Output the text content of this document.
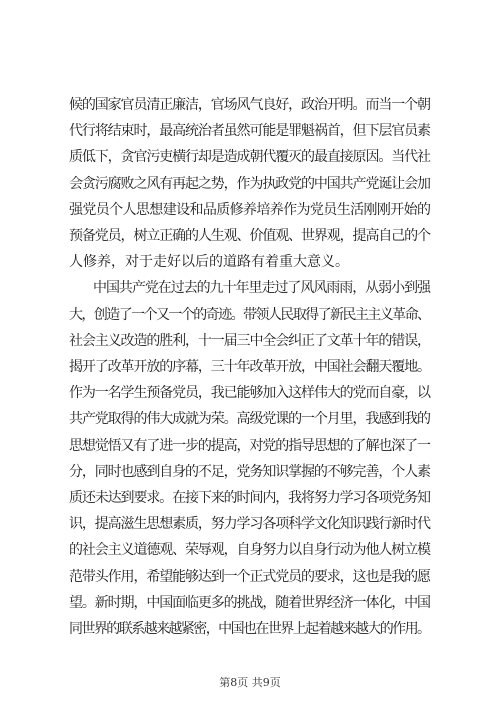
候的国家官员清正廉洁，官场风气良好，政治开明。而当一个朝
代行将结束时，最高统治者虽然可能是罪魁祸首，但下层官员素
质低下，贪官污吏横行却是造成朝代覆灭的最直接原因。当代社
会贪污腐败之风有再起之势，作为执政党的中国共产党诞让会加
强党员个人思想建设和品质修养培养作为党员生活刚刚开始的
预备党员，树立正确的人生观、价值观、世界观，提高自己的个
人修养，对于走好以后的道路有着重大意义。
中国共产党在过去的九十年里走过了风风雨雨，从弱小到强
大，创造了一个又一个的奇迹。带领人民取得了新民主主义革命、
社会主义改造的胜利，十一届三中全会纠正了文革十年的错误，
揭开了改革开放的序幕，三十年改革开放，中国社会翻天覆地。
作为一名学生预备党员，我已能够加入这样伟大的党而自豪，以
共产党取得的伟大成就为荣。高级党课的一个月里，我感到我的
思想觉悟又有了进一步的提高，对党的指导思想的了解也深了一
分，同时也感到自身的不足，党务知识掌握的不够完善，个人素
质还未达到要求。在接下来的时间内，我将努力学习各项党务知
识，提高滋生思想素质，努力学习各项科学文化知识践行新时代
的社会主义道德观、荣辱观，自身努力以自身行动为他人树立模
范带头作用，希望能够达到一个正式党员的要求，这也是我的愿
望。新时期，中国面临更多的挑战，随着世界经济一体化，中国
同世界的联系越来越紧密，中国也在世界上起着越来越大的作用。
第8页 共9页
